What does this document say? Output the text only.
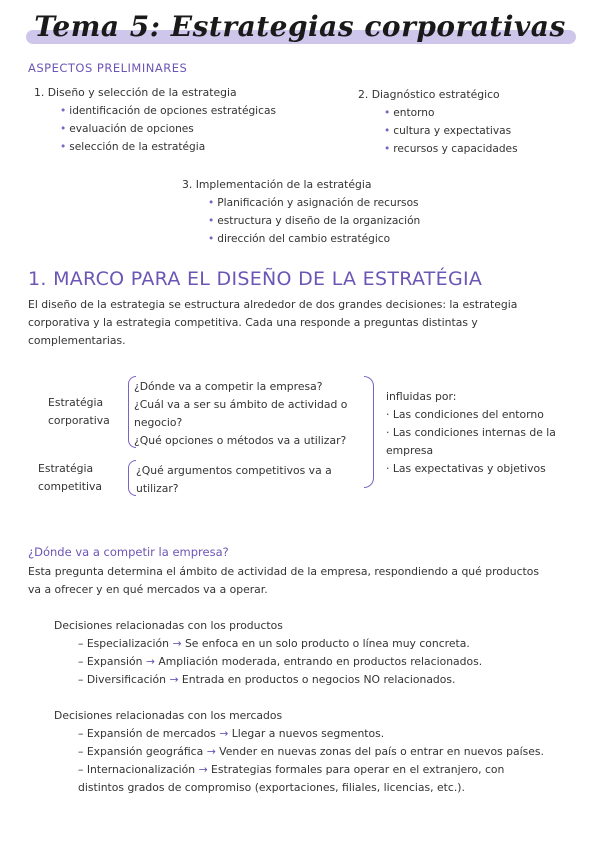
Tema 5: Estrategias corporativas
ASPECTOS PRELIMINARES
1. Diseño y selección de la estrategia
• identificación de opciones estratégicas
• evaluación de opciones
• selección de la estratégia
2. Diagnóstico estratégico
• entorno
• cultura y expectativas
• recursos y capacidades
3. Implementación de la estratégia
• Planificación y asignación de recursos
• estructura y diseño de la organización
• dirección del cambio estratégico
1. MARCO PARA EL DISEÑO DE LA ESTRATÉGIA
El diseño de la estrategia se estructura alrededor de dos grandes decisiones: la estrategia
corporativa y la estrategia competitiva. Cada una responde a preguntas distintas y
complementarias.
Estratégia
corporativa
¿Dónde va a competir la empresa?
¿Cuál va a ser su ámbito de actividad o
negocio?
¿Qué opciones o métodos va a utilizar?
Estratégia
competitiva
¿Qué argumentos competitivos va a
utilizar?
influidas por:
· Las condiciones del entorno
· Las condiciones internas de la
empresa
· Las expectativas y objetivos
¿Dónde va a competir la empresa?
Esta pregunta determina el ámbito de actividad de la empresa, respondiendo a qué productos
va a ofrecer y en qué mercados va a operar.
Decisiones relacionadas con los productos
– Especialización → Se enfoca en un solo producto o línea muy concreta.
– Expansión → Ampliación moderada, entrando en productos relacionados.
– Diversificación → Entrada en productos o negocios NO relacionados.
Decisiones relacionadas con los mercados
– Expansión de mercados → Llegar a nuevos segmentos.
– Expansión geográfica → Vender en nuevas zonas del país o entrar en nuevos países.
– Internacionalización → Estrategias formales para operar en el extranjero, con
distintos grados de compromiso (exportaciones, filiales, licencias, etc.).
